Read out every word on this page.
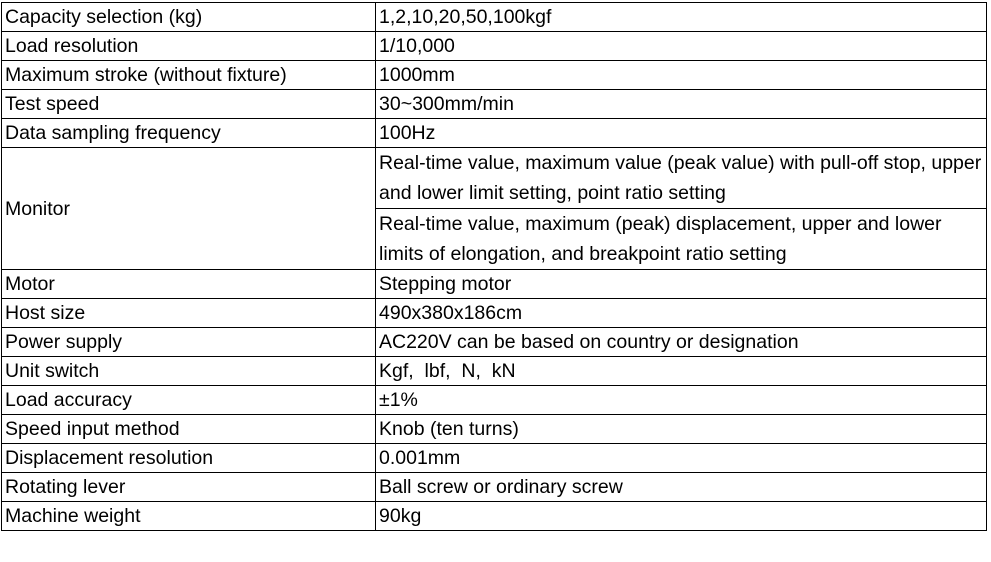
Capacity selection (kg)	1,2,10,20,50,100kgf
Load resolution	1/10,000
Maximum stroke (without fixture)	1000mm
Test speed	30~300mm/min
Data sampling frequency	100Hz
Monitor	Real-time value, maximum value (peak value) with pull-off stop, upper and lower limit setting, point ratio setting
	Real-time value, maximum (peak) displacement, upper and lower limits of elongation, and breakpoint ratio setting
Motor	Stepping motor
Host size	490x380x186cm
Power supply	AC220V can be based on country or designation
Unit switch	Kgf,  lbf,  N,  kN
Load accuracy	±1%
Speed input method	Knob (ten turns)
Displacement resolution	0.001mm
Rotating lever	Ball screw or ordinary screw
Machine weight	90kg
